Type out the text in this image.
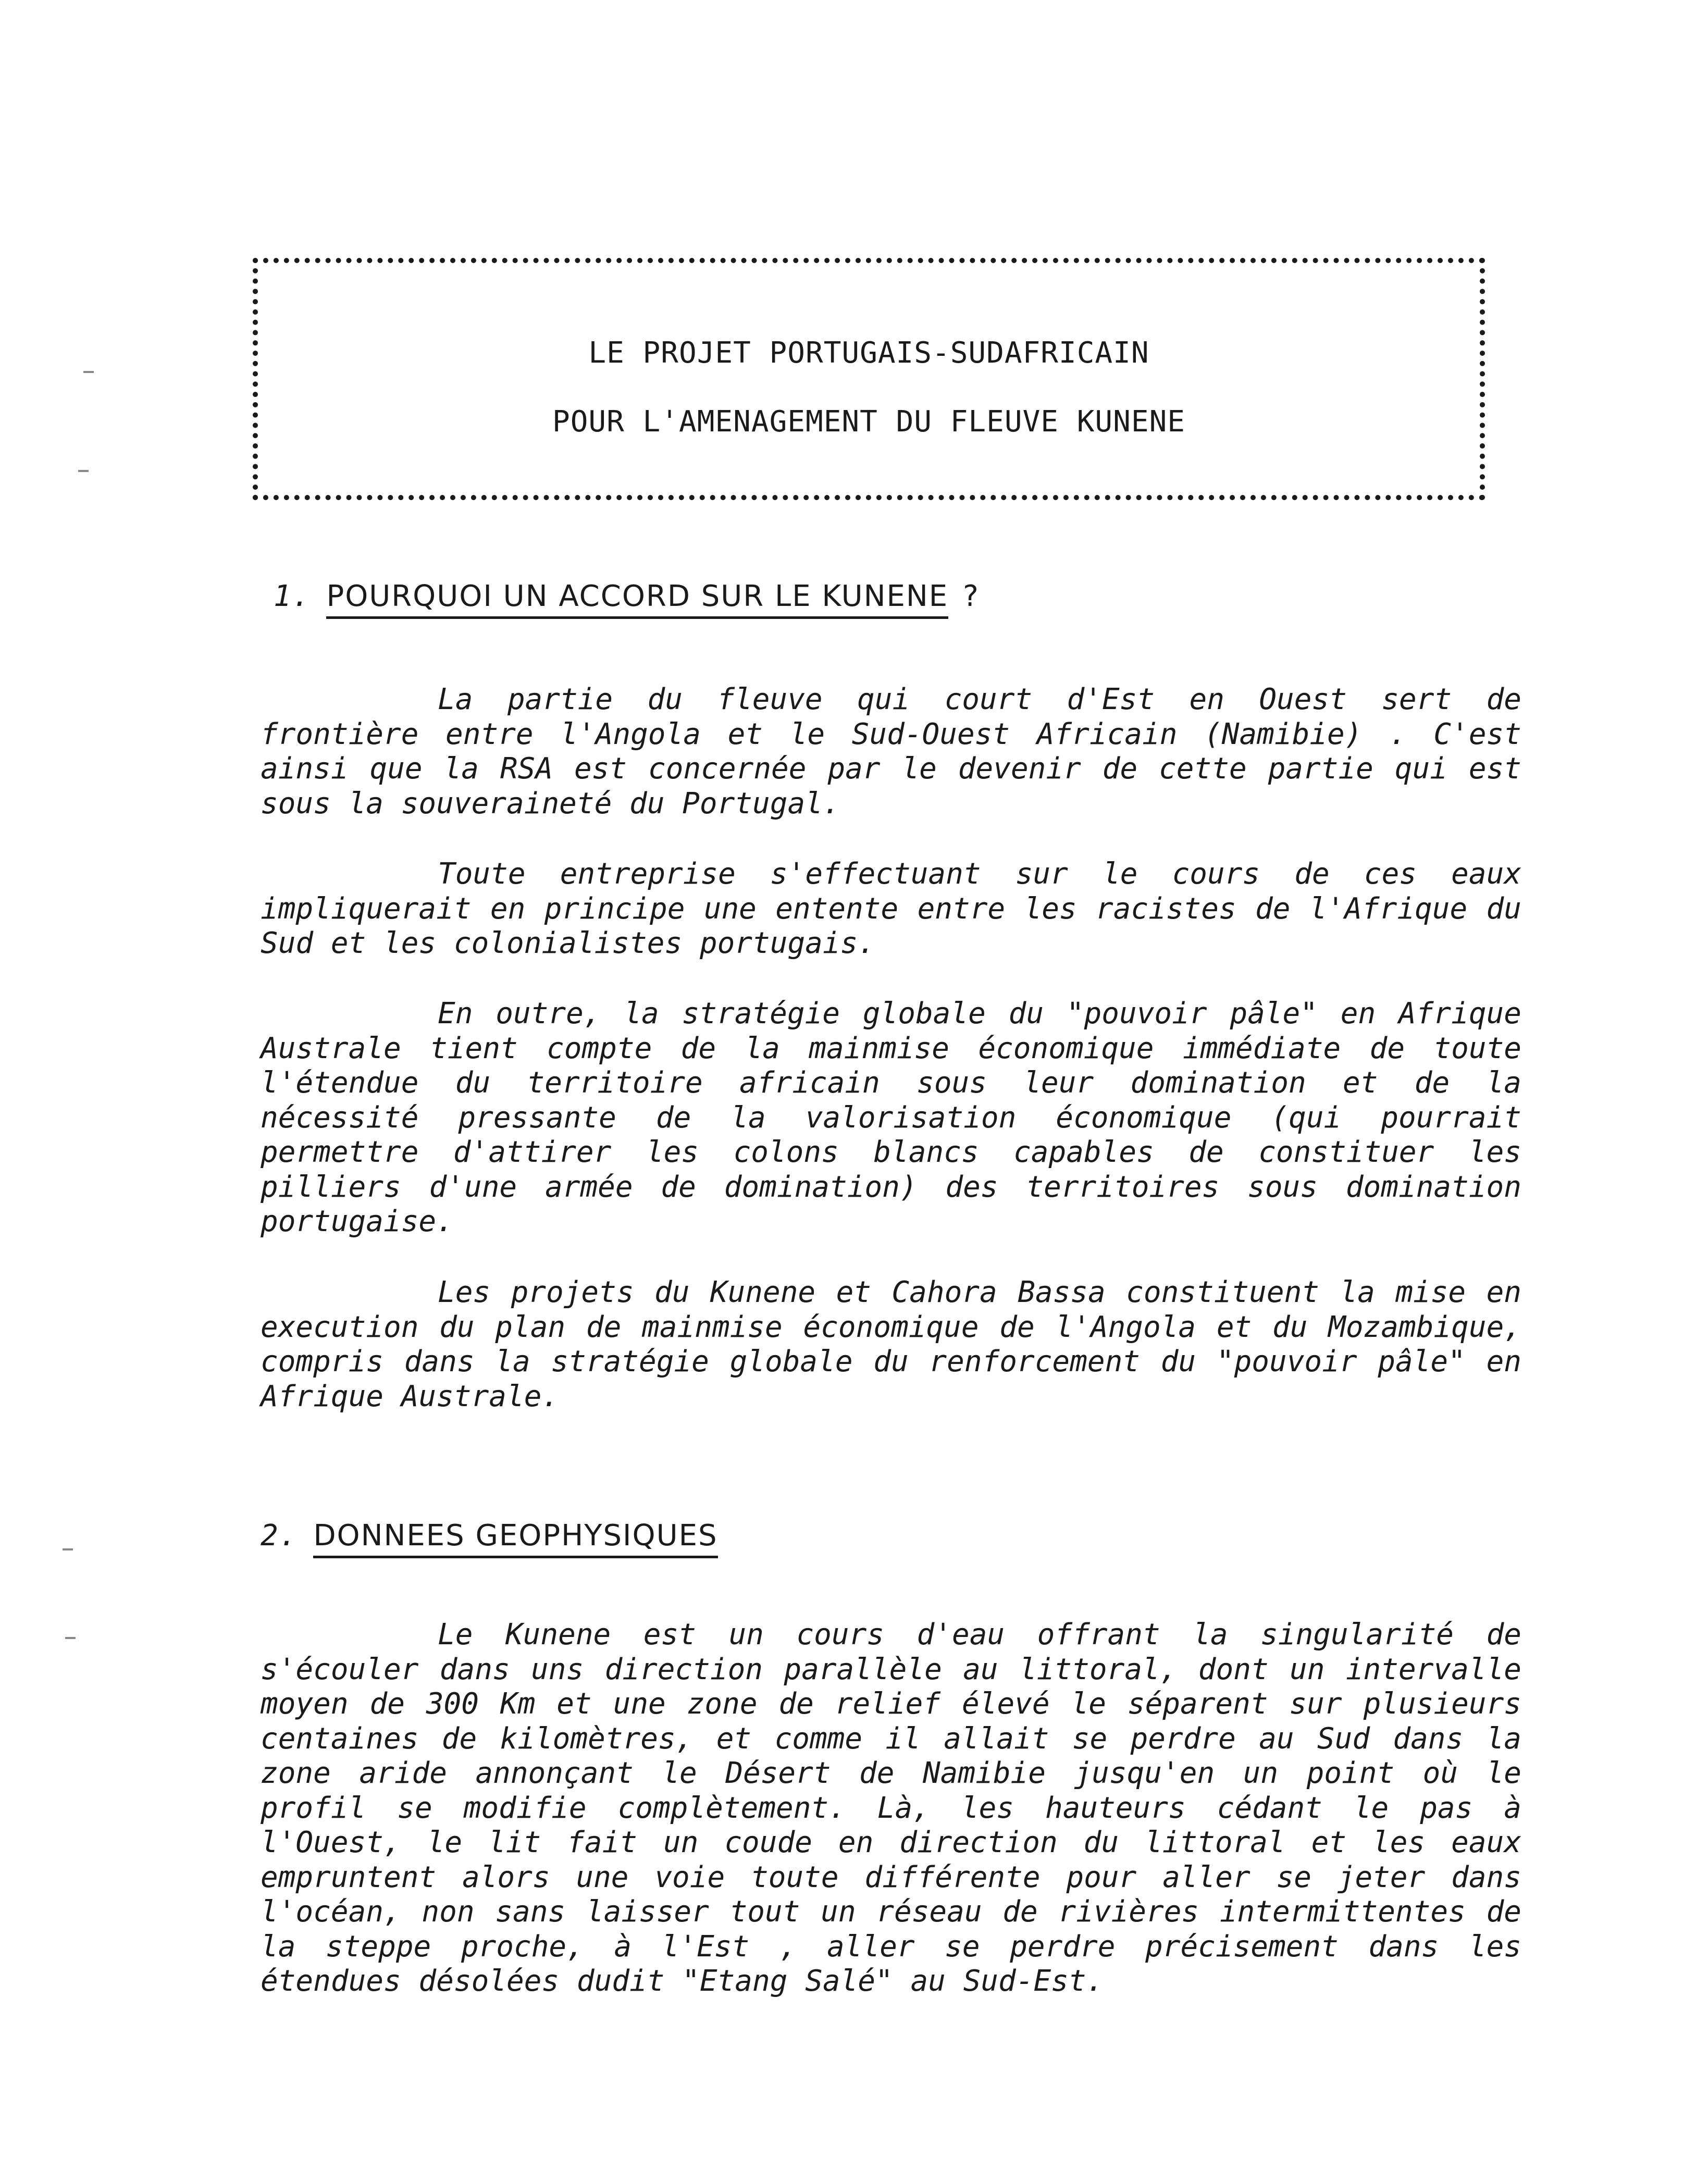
LE PROJET PORTUGAIS-SUDAFRICAIN
POUR L'AMENAGEMENT DU FLEUVE KUNENE
1. POURQUOI UN ACCORD SUR LE KUNENE ?

La partie du fleuve qui court d'Est en Ouest sert de frontière entre l'Angola et le Sud-Ouest Africain (Namibie) . C'est ainsi que la RSA est concernée par le devenir de cette partie qui est sous la souveraineté du Portugal.

Toute entreprise s'effectuant sur le cours de ces eaux impliquerait en principe une entente entre les racistes de l'Afrique du Sud et les colonialistes portugais.

En outre, la stratégie globale du "pouvoir pâle" en Afrique Australe tient compte de la mainmise économique immédiate de toute l'étendue du territoire africain sous leur domination et de la nécessité pressante de la valorisation économique (qui pourrait permettre d'attirer les colons blancs capables de constituer les pilliers d'une armée de domination) des territoires sous domination portugaise.

Les projets du Kunene et Cahora Bassa constituent la mise en execution du plan de mainmise économique de l'Angola et du Mozambique, compris dans la stratégie globale du renforcement du "pouvoir pâle" en Afrique Australe.

2. DONNEES GEOPHYSIQUES

Le Kunene est un cours d'eau offrant la singularité de s'écouler dans uns direction parallèle au littoral, dont un intervalle moyen de 300 Km et une zone de relief élevé le séparent sur plusieurs centaines de kilomètres, et comme il allait se perdre au Sud dans la zone aride annonçant le Désert de Namibie jusqu'en un point où le profil se modifie complètement. Là, les hauteurs cédant le pas à l'Ouest, le lit fait un coude en direction du littoral et les eaux empruntent alors une voie toute différente pour aller se jeter dans l'océan, non sans laisser tout un réseau de rivières intermittentes de la steppe proche, à l'Est , aller se perdre précisement dans les étendues désolées dudit "Etang Salé" au Sud-Est.
